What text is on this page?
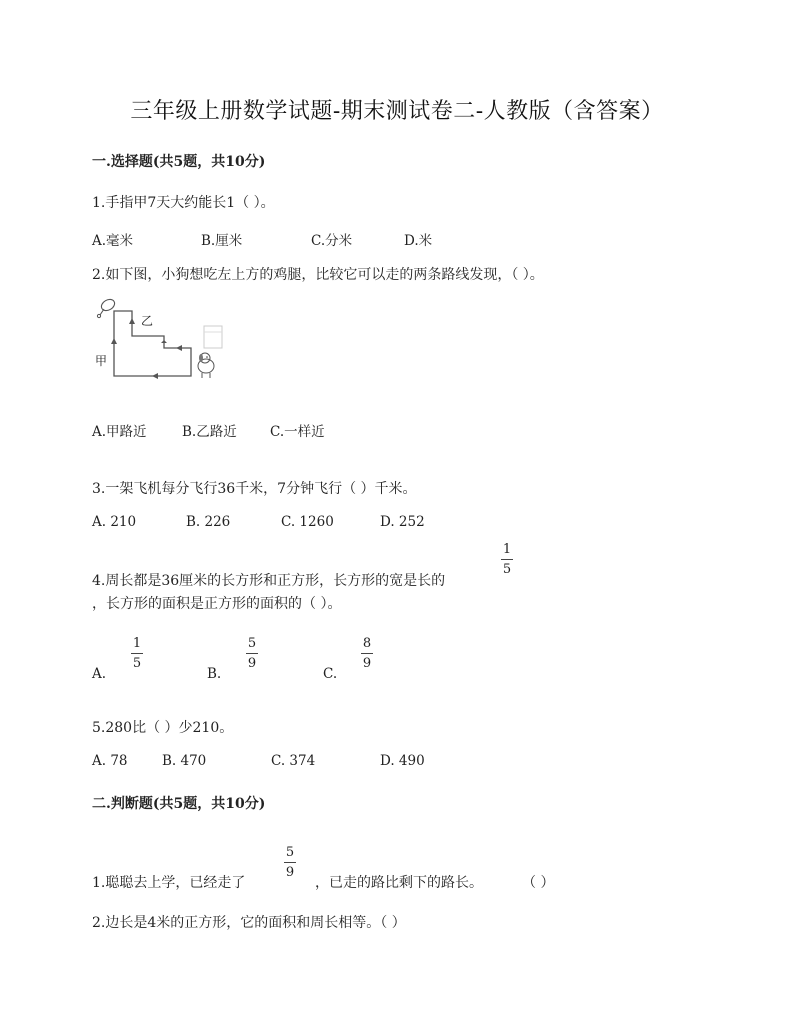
三年级上册数学试题-期末测试卷二-人教版（含答案）
一.选择题(共5题，共10分)
1.手指甲7天大约能长1（ ）。
A.毫米	B.厘米	C.分米	D.米
2.如下图，小狗想吃左上方的鸡腿，比较它可以走的两条路线发现，（ ）。
乙
甲
A.甲路近	B.乙路近 C.一样近
3.一架飞机每分飞行36千米，7分钟飞行（ ）千米。
A. 210	B. 226	C. 1260	D. 252
1
5
4.周长都是36厘米的长方形和正方形，长方形的宽是长的
，长方形的面积是正方形的面积的（ ）。
A.
1
5
B.
5
9
C.
8
9
5.280比（ ）少210。
A. 78	B. 470	C. 374	D. 490
二.判断题(共5题，共10分)
5
9
1.聪聪去上学，已经走了	，已走的路比剩下的路长。	（ ）
2.边长是4米的正方形，它的面积和周长相等。（ ）
